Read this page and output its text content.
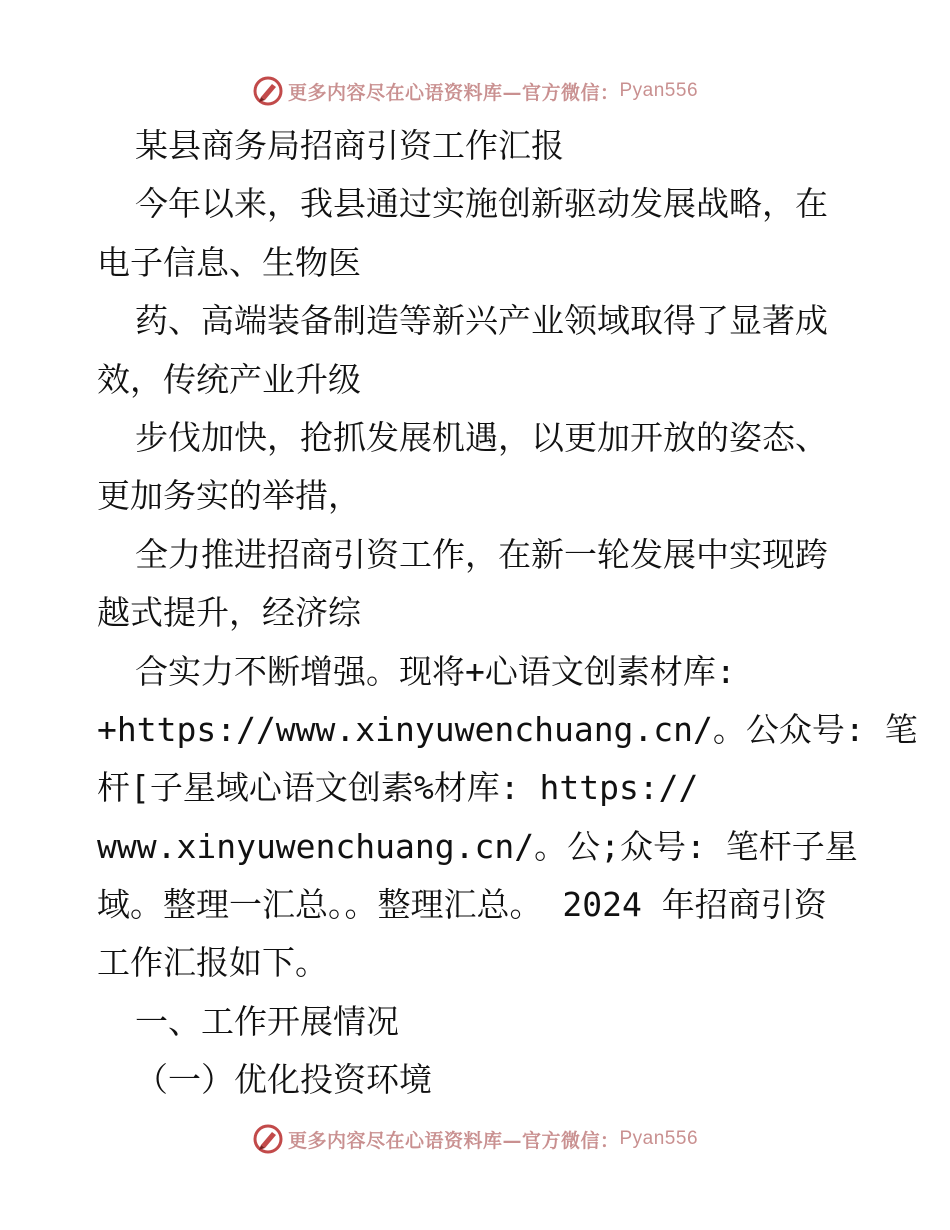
更多内容尽在心语资料库—官方微信： Pyan556
某县商务局招商引资工作汇报
今年以来，我县通过实施创新驱动发展战略，在
电子信息、生物医
药、高端装备制造等新兴产业领域取得了显著成
效，传统产业升级
步伐加快，抢抓发展机遇，以更加开放的姿态、
更加务实的举措，
全力推进招商引资工作，在新一轮发展中实现跨
越式提升，经济综
合实力不断增强。现将+心语文创素材库:
+https://www.xinyuwenchuang.cn/。公众号: 笔
杆[子星域心语文创素%材库: https://
www.xinyuwenchuang.cn/。公;众号: 笔杆子星
域。整理一汇总。。整理汇总。 2024 年招商引资
工作汇报如下。
一、工作开展情况
（一）优化投资环境
更多内容尽在心语资料库—官方微信： Pyan556
